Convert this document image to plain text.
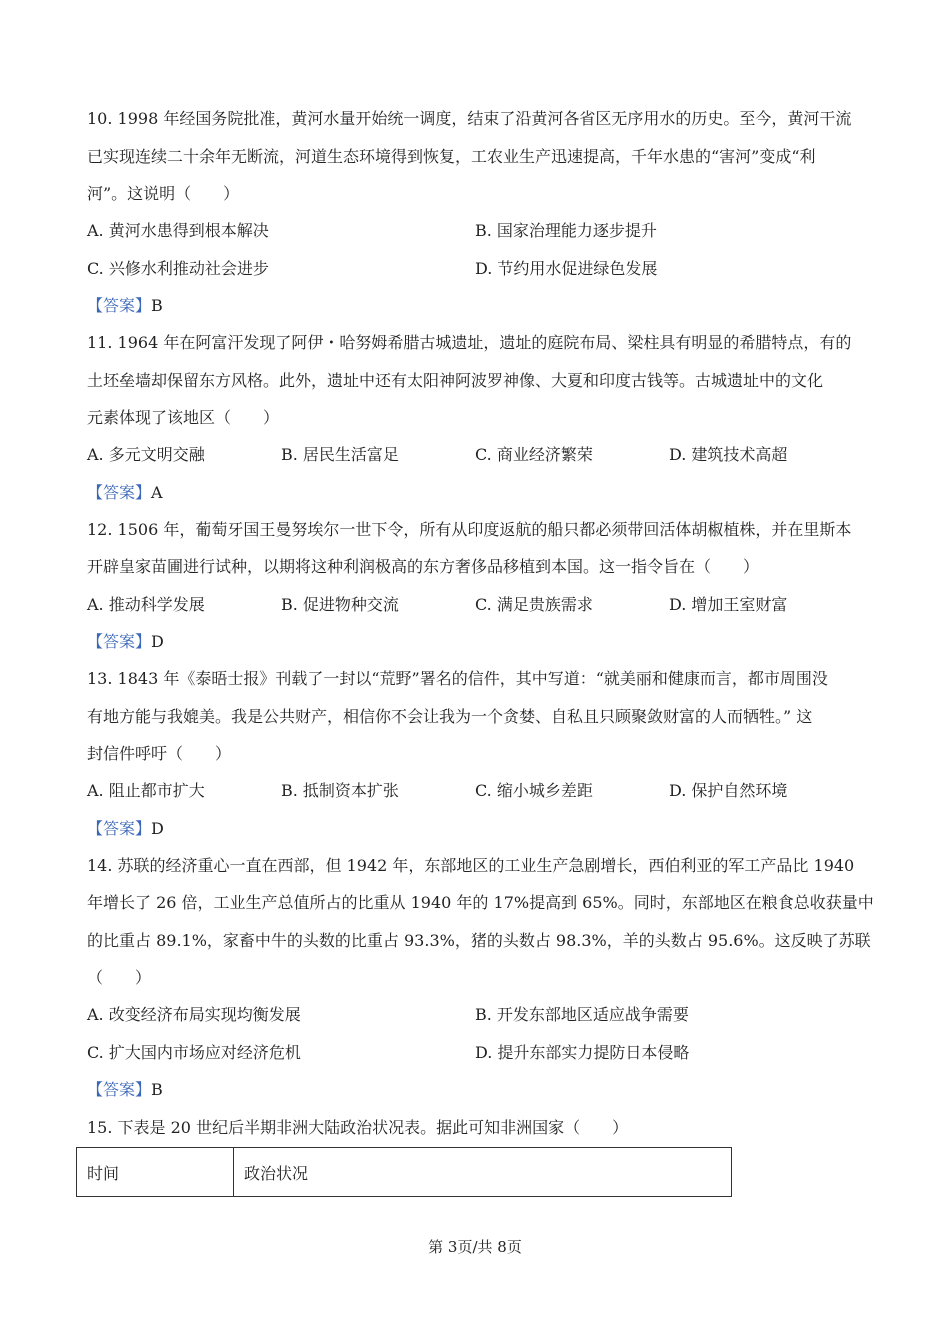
10. 1998 年经国务院批准，黄河水量开始统一调度，结束了沿黄河各省区无序用水的历史。至今，黄河干流
已实现连续二十余年无断流，河道生态环境得到恢复，工农业生产迅速提高，千年水患的“害河”变成“利
河”。这说明（　　）
A. 黄河水患得到根本解决	B. 国家治理能力逐步提升
C. 兴修水利推动社会进步	D. 节约用水促进绿色发展
【答案】B
11. 1964 年在阿富汗发现了阿伊・哈努姆希腊古城遗址，遗址的庭院布局、梁柱具有明显的希腊特点，有的
土坯垒墙却保留东方风格。此外，遗址中还有太阳神阿波罗神像、大夏和印度古钱等。古城遗址中的文化
元素体现了该地区（　　）
A. 多元文明交融	B. 居民生活富足	C. 商业经济繁荣	D. 建筑技术高超
【答案】A
12. 1506 年，葡萄牙国王曼努埃尔一世下令，所有从印度返航的船只都必须带回活体胡椒植株，并在里斯本
开辟皇家苗圃进行试种，以期将这种利润极高的东方奢侈品移植到本国。这一指令旨在（　　）
A. 推动科学发展	B. 促进物种交流	C. 满足贵族需求	D. 增加王室财富
【答案】D
13. 1843 年《泰晤士报》刊载了一封以“荒野”署名的信件，其中写道：“就美丽和健康而言，都市周围没
有地方能与我媲美。我是公共财产，相信你不会让我为一个贪婪、自私且只顾聚敛财富的人而牺牲。” 这
封信件呼吁（　　）
A. 阻止都市扩大	B. 抵制资本扩张	C. 缩小城乡差距	D. 保护自然环境
【答案】D
14. 苏联的经济重心一直在西部，但 1942 年，东部地区的工业生产急剧增长，西伯利亚的军工产品比 1940
年增长了 26 倍，工业生产总值所占的比重从 1940 年的 17%提高到 65%。同时，东部地区在粮食总收获量中
的比重占 89.1%，家畜中牛的头数的比重占 93.3%，猪的头数占 98.3%，羊的头数占 95.6%。这反映了苏联
（　　）
A. 改变经济布局实现均衡发展	B. 开发东部地区适应战争需要
C. 扩大国内市场应对经济危机	D. 提升东部实力提防日本侵略
【答案】B
15. 下表是 20 世纪后半期非洲大陆政治状况表。据此可知非洲国家（　　）
时间	政治状况
第 3页/共 8页
